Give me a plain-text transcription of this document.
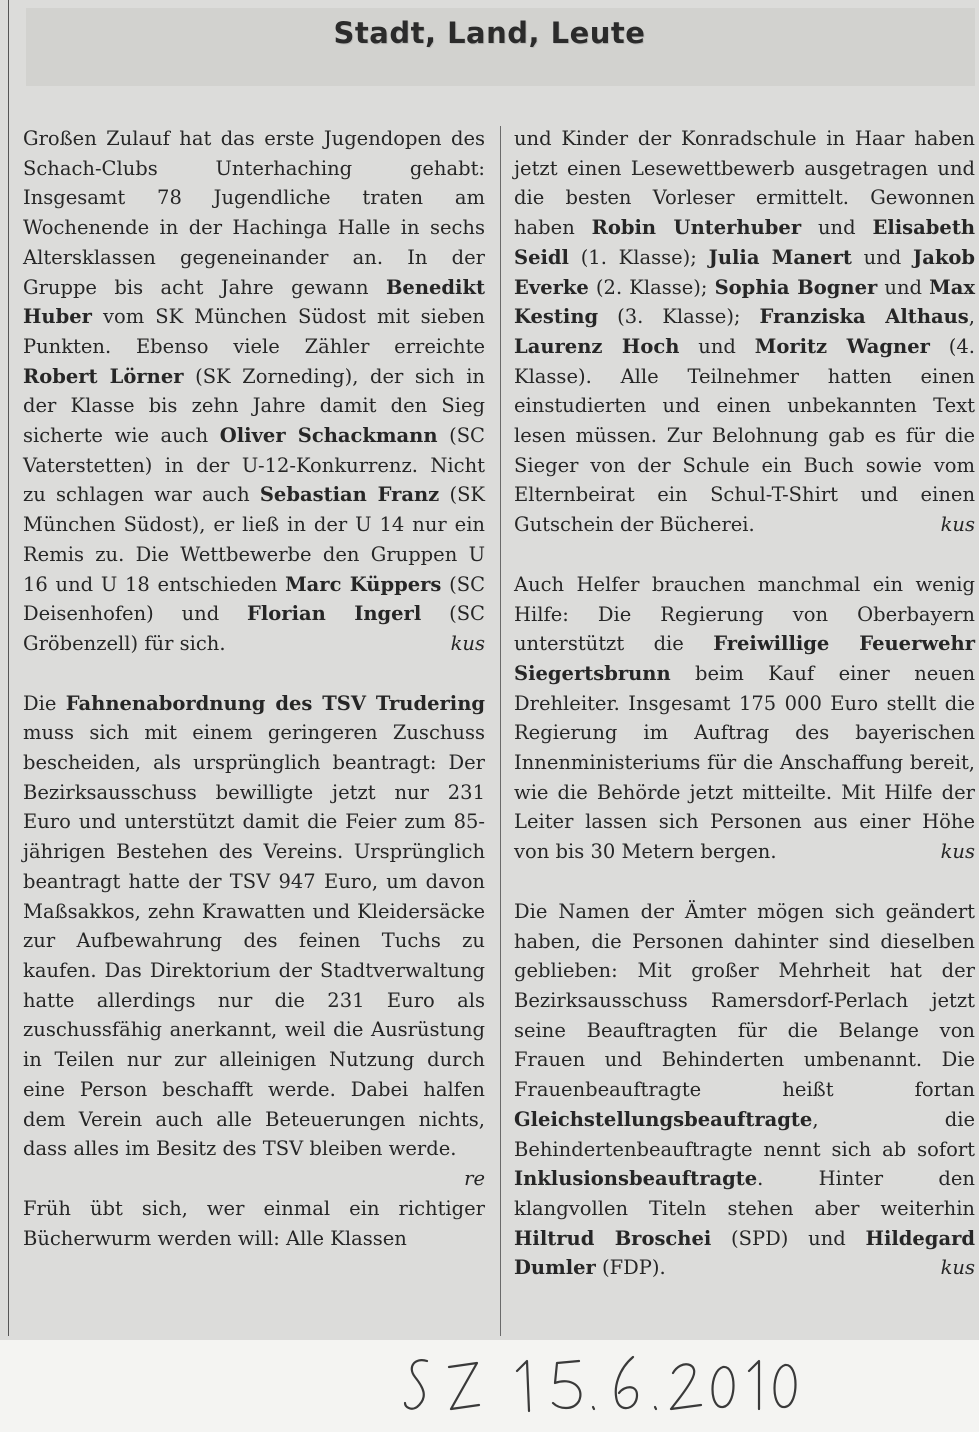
Stadt, Land, Leute

Großen Zulauf hat das erste Jugendopen des Schach-Clubs Unterhaching gehabt: Insgesamt 78 Jugendliche traten am Wochenende in der Hachinga Halle in sechs Altersklassen gegeneinander an. In der Gruppe bis acht Jahre gewann Benedikt Huber vom SK München Südost mit sieben Punkten. Ebenso viele Zähler erreichte Robert Lörner (SK Zorneding), der sich in der Klasse bis zehn Jahre damit den Sieg sicherte wie auch Oliver Schackmann (SC Vaterstetten) in der U-12-Konkurrenz. Nicht zu schlagen war auch Sebastian Franz (SK München Südost), er ließ in der U 14 nur ein Remis zu. Die Wettbewerbe den Gruppen U 16 und U 18 entschieden Marc Küppers (SC Deisenhofen) und Florian Ingerl (SC Gröbenzell) für sich.	kus

Die Fahnenabordnung des TSV Trudering muss sich mit einem geringeren Zuschuss bescheiden, als ursprünglich beantragt: Der Bezirksausschuss bewilligte jetzt nur 231 Euro und unterstützt damit die Feier zum 85-jährigen Bestehen des Vereins. Ursprünglich beantragt hatte der TSV 947 Euro, um davon Maßsakkos, zehn Krawatten und Kleidersäcke zur Aufbewahrung des feinen Tuchs zu kaufen. Das Direktorium der Stadtverwaltung hatte allerdings nur die 231 Euro als zuschussfähig anerkannt, weil die Ausrüstung in Teilen nur zur alleinigen Nutzung durch eine Person beschafft werde. Dabei halfen dem Verein auch alle Beteuerungen nichts, dass alles im Besitz des TSV bleiben werde.
re

Früh übt sich, wer einmal ein richtiger Bücherwurm werden will: Alle Klassen

und Kinder der Konradschule in Haar haben jetzt einen Lesewettbewerb ausgetragen und die besten Vorleser ermittelt. Gewonnen haben Robin Unterhuber und Elisabeth Seidl (1. Klasse); Julia Manert und Jakob Everke (2. Klasse); Sophia Bogner und Max Kesting (3. Klasse); Franziska Althaus, Laurenz Hoch und Moritz Wagner (4. Klasse). Alle Teilnehmer hatten einen einstudierten und einen unbekannten Text lesen müssen. Zur Belohnung gab es für die Sieger von der Schule ein Buch sowie vom Elternbeirat ein Schul-T-Shirt und einen Gutschein der Bücherei.	kus

Auch Helfer brauchen manchmal ein wenig Hilfe: Die Regierung von Oberbayern unterstützt die Freiwillige Feuerwehr Siegertsbrunn beim Kauf einer neuen Drehleiter. Insgesamt 175 000 Euro stellt die Regierung im Auftrag des bayerischen Innenministeriums für die Anschaffung bereit, wie die Behörde jetzt mitteilte. Mit Hilfe der Leiter lassen sich Personen aus einer Höhe von bis 30 Metern bergen.	kus

Die Namen der Ämter mögen sich geändert haben, die Personen dahinter sind dieselben geblieben: Mit großer Mehrheit hat der Bezirksausschuss Ramersdorf-Perlach jetzt seine Beauftragten für die Belange von Frauen und Behinderten umbenannt. Die Frauenbeauftragte heißt fortan Gleichstellungsbeauftragte, die Behindertenbeauftragte nennt sich ab sofort Inklusionsbeauftragte. Hinter den klangvollen Titeln stehen aber weiterhin Hiltrud Broschei (SPD) und Hildegard Dumler (FDP).	kus
